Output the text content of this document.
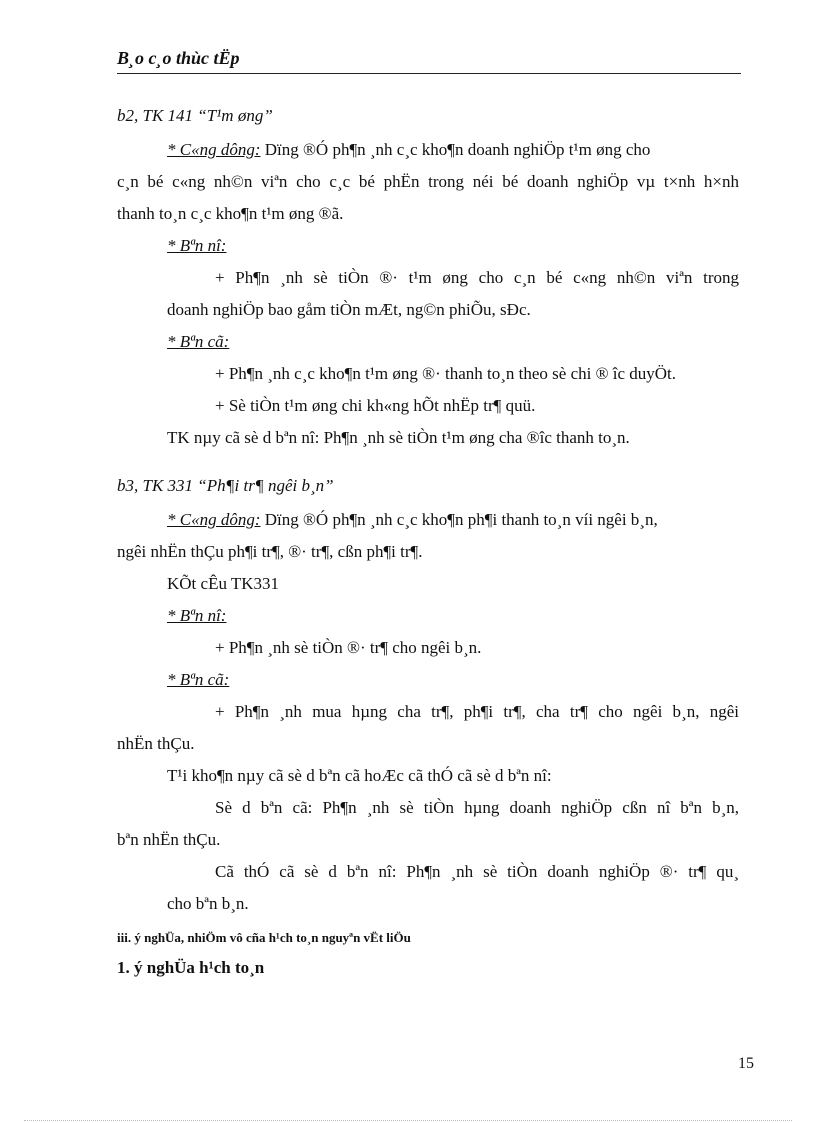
B¸o c¸o thùc tËp
b2, TK 141 “T¹m øng”
* C«ng dông: Dïng ®Ó ph¶n ¸nh c¸c kho¶n doanh nghiÖp t¹m øng cho
c¸n bé c«ng nh©n viªn cho c¸c bé phËn trong néi bé doanh nghiÖp vµ t×nh h×nh
thanh to¸n c¸c kho¶n t¹m øng ®ã.
* Bªn nî:
+ Ph¶n ¸nh sè tiÒn ®· t¹m øng cho c¸n bé c«ng nh©n viªn trong
doanh nghiÖp bao gåm tiÒn mÆt, ng©n phiÕu, sÐc.
* Bªn cã:
+ Ph¶n ¸nh c¸c kho¶n t¹m øng ®· thanh to¸n theo sè chi ® îc duyÖt.
+ Sè tiÒn t¹m øng chi kh«ng hÕt nhËp tr¶ quü.
TK nµy cã sè d bªn nî: Ph¶n ¸nh sè tiÒn t¹m øng cha ®îc thanh to¸n.
b3, TK 331 “Ph¶i tr¶ ngêi b¸n”
* C«ng dông: Dïng ®Ó ph¶n ¸nh c¸c kho¶n ph¶i thanh to¸n víi ngêi b¸n,
ngêi nhËn thÇu ph¶i tr¶, ®· tr¶, cßn ph¶i tr¶.
KÕt cÊu TK331
* Bªn nî:
+ Ph¶n ¸nh sè tiÒn ®· tr¶ cho ngêi b¸n.
* Bªn cã:
+ Ph¶n ¸nh mua hµng cha tr¶, ph¶i tr¶, cha tr¶ cho ngêi b¸n, ngêi
nhËn thÇu.
T¹i kho¶n nµy cã sè d bªn cã hoÆc cã thÓ cã sè d bªn nî:
Sè d bªn cã: Ph¶n ¸nh sè tiÒn hµng doanh nghiÖp cßn nî bªn b¸n,
bªn nhËn thÇu.
Cã thÓ cã sè d bªn nî: Ph¶n ¸nh sè tiÒn doanh nghiÖp ®· tr¶ qu¸
cho bªn b¸n.
iii. ý nghÜa, nhiÖm vô cña h¹ch to¸n nguyªn vËt liÖu
1. ý nghÜa h¹ch to¸n
15
